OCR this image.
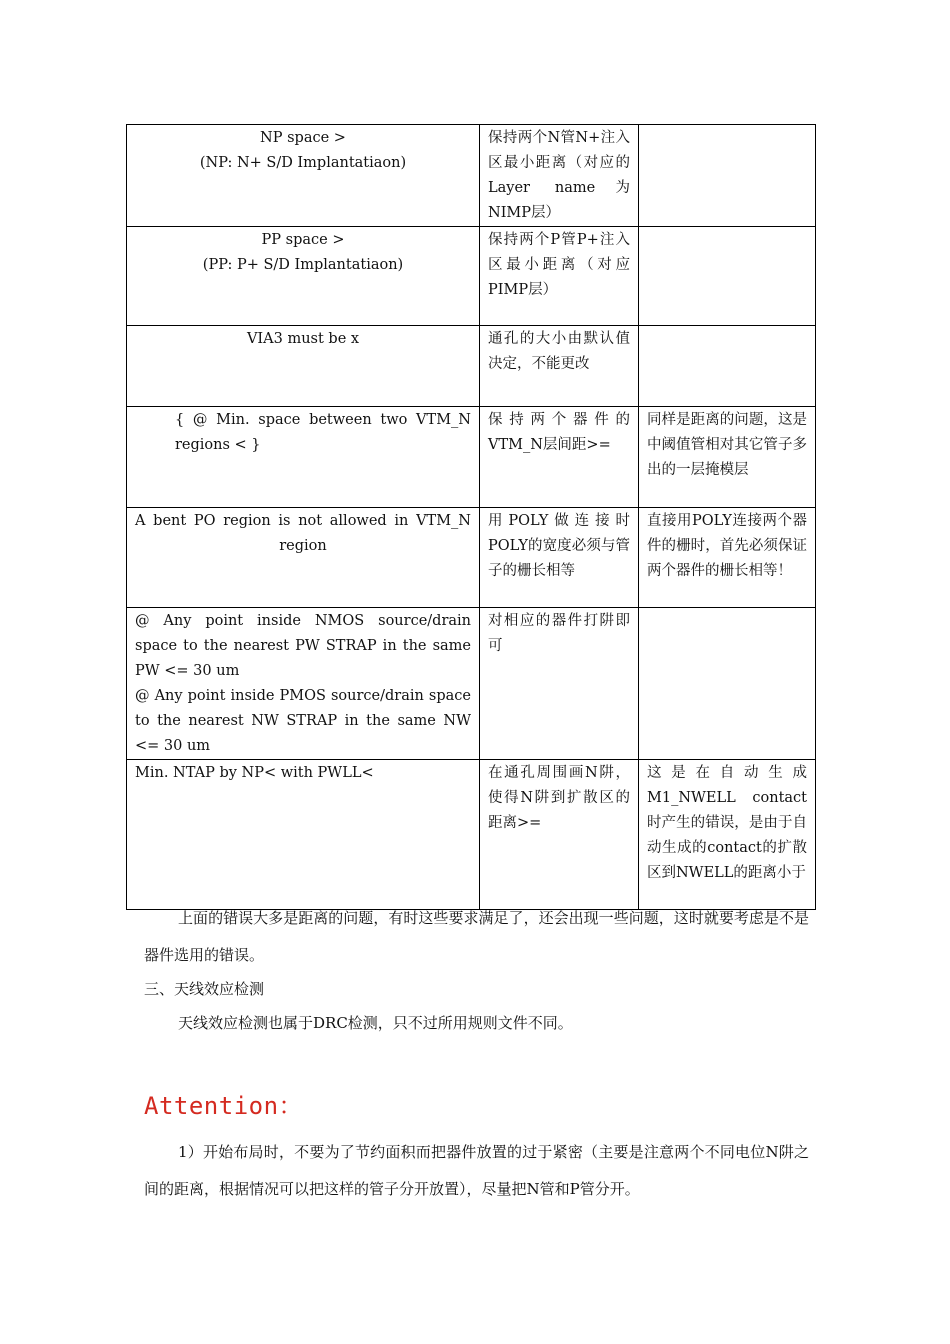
NP space >
(NP: N+ S/D Implantatiaon)	保持两个N管N+注入区最小距离（对应的Layer name为NIMP层）	
PP space >
(PP: P+ S/D Implantatiaon)	保持两个P管P+注入区最小距离（对应PIMP层）	
VIA3 must be x	通孔的大小由默认值决定，不能更改	
{ @ Min. space between two VTM_N regions < }	保持两个器件的VTM_N层间距>=	同样是距离的问题，这是中阈值管相对其它管子多出的一层掩模层
A bent PO region is not allowed in VTM_N region	用POLY做连接时POLY的宽度必须与管子的栅长相等	直接用POLY连接两个器件的栅时，首先必须保证两个器件的栅长相等！
@ Any point inside NMOS source/drain space to the nearest PW STRAP in the same PW <= 30 um
@ Any point inside PMOS source/drain space to the nearest NW STRAP in the same NW <= 30 um	对相应的器件打阱即可	
Min. NTAP by NP< with PWLL<	在通孔周围画N阱，使得N阱到扩散区的距离>=	这是在自动生成M1_NWELL contact时产生的错误，是由于自动生成的contact的扩散区到NWELL的距离小于
上面的错误大多是距离的问题，有时这些要求满足了，还会出现一些问题，这时就要考虑是不是器件选用的错误。
三、天线效应检测
天线效应检测也属于DRC检测，只不过所用规则文件不同。
Attention：
1）开始布局时，不要为了节约面积而把器件放置的过于紧密（主要是注意两个不同电位N阱之间的距离，根据情况可以把这样的管子分开放置），尽量把N管和P管分开。
